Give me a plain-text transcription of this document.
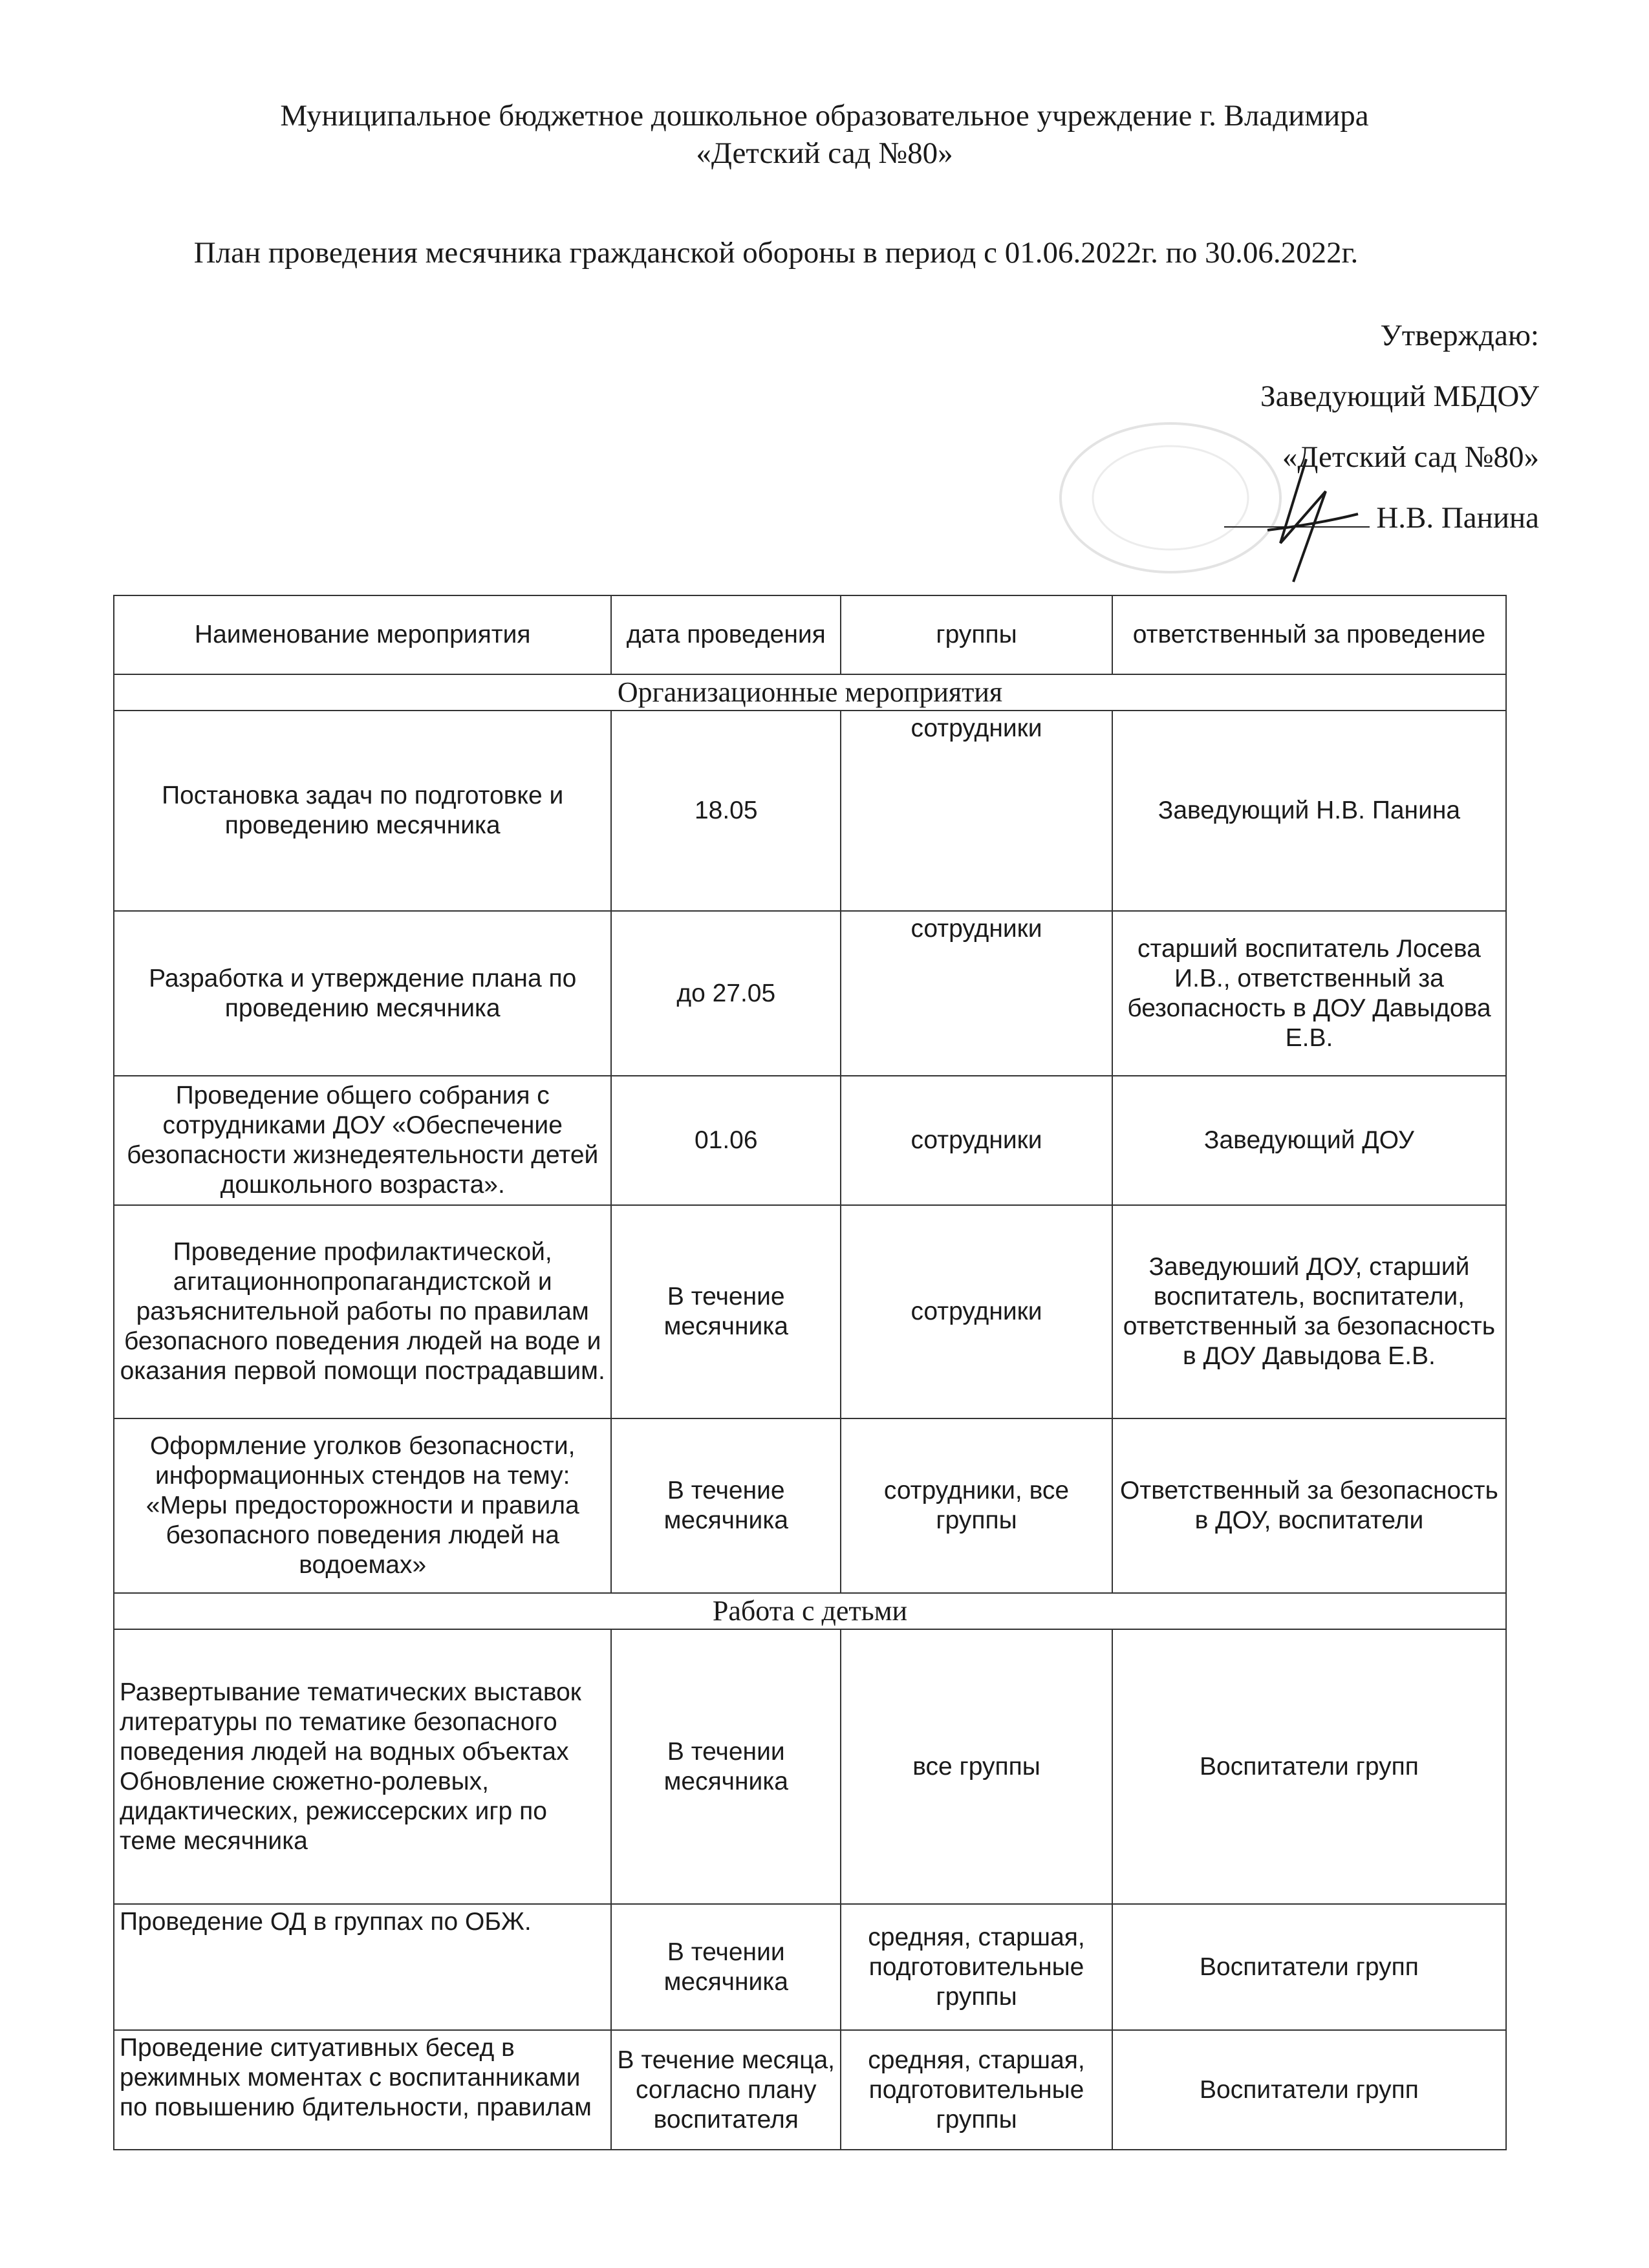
Муниципальное бюджетное дошкольное образовательное учреждение г. Владимира
«Детский сад №80»
План проведения месячника гражданской обороны в период с 01.06.2022г. по 30.06.2022г.
Утверждаю:
Заведующий МБДОУ
«Детский сад №80»
Н.В. Панина
Наименование мероприятия	дата проведения	группы	ответственный за проведение
Организационные мероприятия			
Постановка задач по подготовке и проведению месячника	18.05	сотрудники	Заведующий Н.В. Панина
Разработка и утверждение плана по проведению месячника	до 27.05	сотрудники	старший воспитатель Лосева И.В., ответственный за безопасность в ДОУ Давыдова Е.В.
Проведение общего собрания с сотрудниками ДОУ «Обеспечение безопасности жизнедеятельности детей дошкольного возраста».	01.06	сотрудники	Заведующий ДОУ
Проведение профилактической, агитационнопропагандистской и разъяснительной работы по правилам безопасного поведения людей на воде и оказания первой помощи пострадавшим.	В течение месячника	сотрудники	Заведуюший ДОУ, старший воспитатель, воспитатели, ответственный за безопасность в ДОУ Давыдова Е.В.
Оформление уголков безопасности, информационных стендов на тему: «Меры предосторожности и правила безопасного поведения людей на водоемах»	В течение месячника	сотрудники, все группы	Ответственный за безопасность в ДОУ, воспитатели
Работа с детьми			
Развертывание тематических выставок литературы по тематике безопасного поведения людей на водных объектах Обновление сюжетно-ролевых, дидактических, режиссерских игр по теме месячника	В течении месячника	все группы	Воспитатели групп
Проведение ОД в группах по ОБЖ.	В течении месячника	средняя, старшая, подготовительные группы	Воспитатели групп
Проведение ситуативных бесед в режимных моментах с воспитанниками по повышению бдительности, правилам	В течение месяца, согласно плану воспитателя	средняя, старшая, подготовительные группы	Воспитатели групп
